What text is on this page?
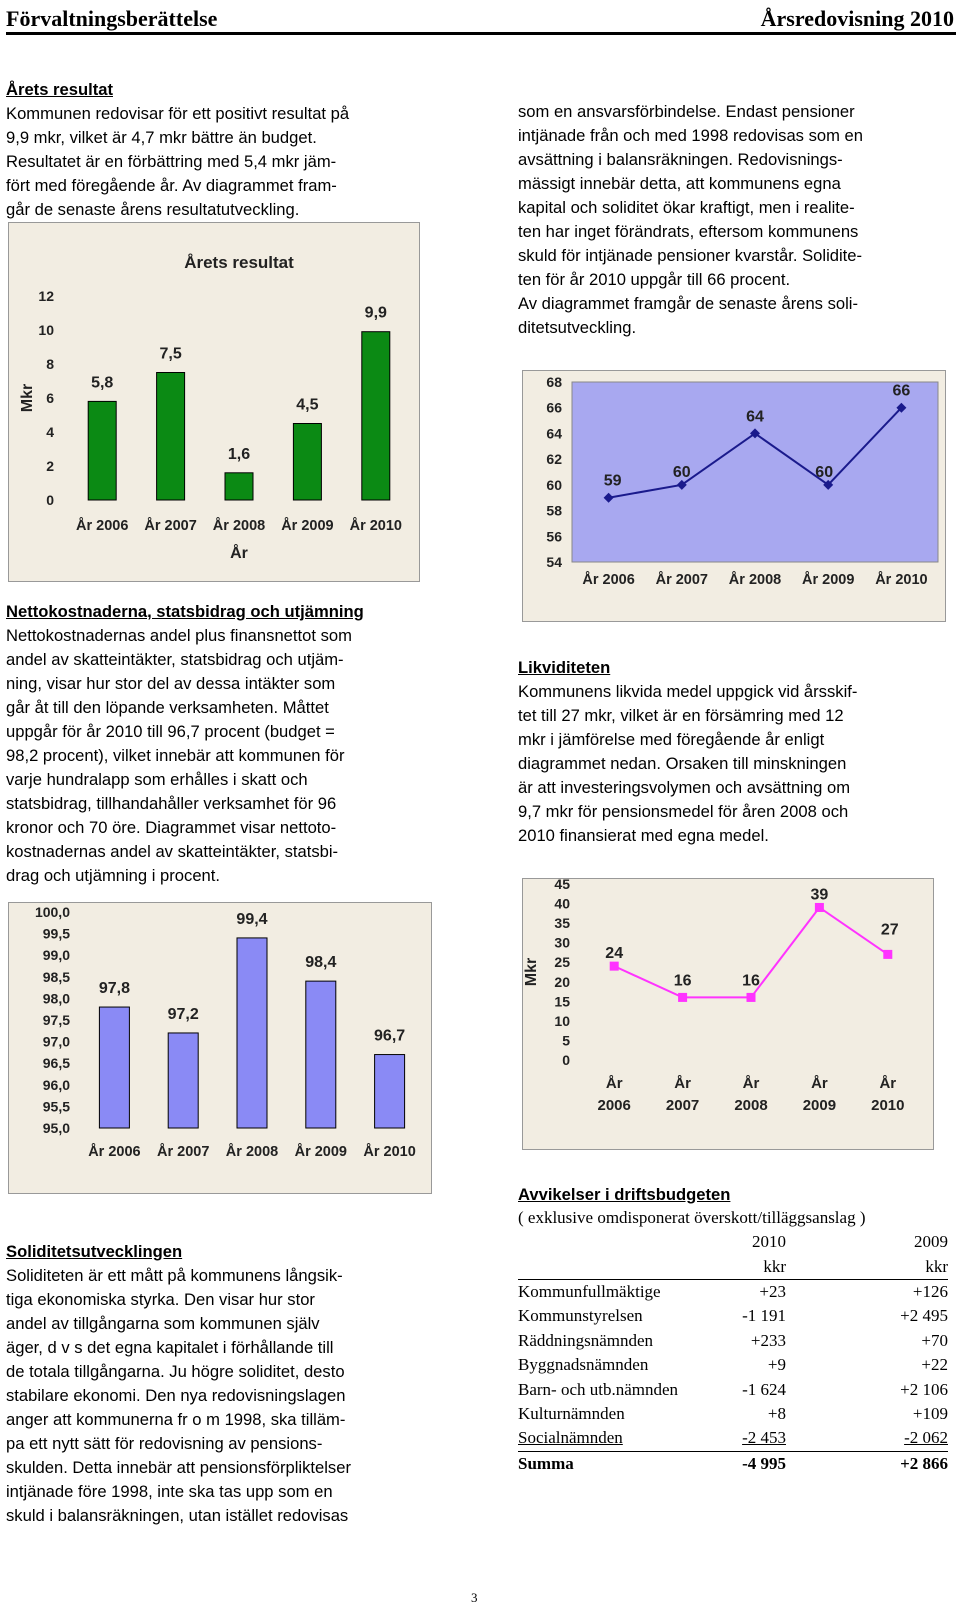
Förvaltningsberättelse	Årsredovisning 2010

Årets resultat

Kommunen redovisar för ett positivt resultat på

9,9 mkr, vilket är 4,7 mkr bättre än budget.

Resultatet är en förbättring med 5,4 mkr jäm-

fört med föregående år. Av diagrammet fram-

går de senaste årens resultatutveckling.

Årets resultat
Mkr
År
0
2
4
6
8
10
12
5,8
År 2006
7,5
År 2007
1,6
År 2008
4,5
År 2009
9,9
År 2010

Nettokostnaderna, statsbidrag och utjämning

Nettokostnadernas andel plus finansnettot som

andel av skatteintäkter, statsbidrag och utjäm-

ning, visar hur stor del av dessa intäkter som

går åt till den löpande verksamheten. Måttet

uppgår för år 2010 till 96,7 procent (budget =

98,2 procent), vilket innebär att kommunen för

varje hundralapp som erhålles i skatt och

statsbidrag, tillhandahåller verksamhet för 96

kronor och 70 öre. Diagrammet visar nettoto-

kostnadernas andel av skatteintäkter, statsbi-

drag och utjämning i procent.

95,0
95,5
96,0
96,5
97,0
97,5
98,0
98,5
99,0
99,5
100,0
97,8
År 2006
97,2
År 2007
99,4
År 2008
98,4
År 2009
96,7
År 2010

Soliditetsutvecklingen

Soliditeten är ett mått på kommunens långsik-

tiga ekonomiska styrka. Den visar hur stor

andel av tillgångarna som kommunen själv

äger, d v s det egna kapitalet i förhållande till

de totala tillgångarna. Ju högre soliditet, desto

stabilare ekonomi. Den nya redovisningslagen

anger att kommunerna fr o m 1998, ska tilläm-

pa ett nytt sätt för redovisning av pensions-

skulden. Detta innebär att pensionsförpliktelser

intjänade före 1998, inte ska tas upp som en

skuld i balansräkningen, utan istället redovisas

som en ansvarsförbindelse. Endast pensioner

intjänade från och med 1998 redovisas som en

avsättning i balansräkningen. Redovisnings-

mässigt innebär detta, att kommunens egna

kapital och soliditet ökar kraftigt, men i realite-

ten har inget förändrats, eftersom kommunens

skuld för intjänade pensioner kvarstår. Solidite-

ten för år 2010 uppgår till 66 procent.

Av diagrammet framgår de senaste årens soli-

ditetsutveckling.

54
56
58
60
62
64
66
68
59
År 2006
60
År 2007
64
År 2008
60
År 2009
66
År 2010

Likviditeten

Kommunens likvida medel uppgick vid årsskif-

tet till 27 mkr, vilket är en försämring med 12

mkr i jämförelse med föregående år enligt

diagrammet nedan. Orsaken till minskningen

är att investeringsvolymen och avsättning om

9,7 mkr för pensionsmedel för åren 2008 och

2010 finansierat med egna medel.

Mkr
0
5
10
15
20
25
30
35
40
45
24
År
2006
16
År
2007
16
År
2008
39
År
2009
27
År
2010

Avvikelser i driftsbudgeten

( exklusive omdisponerat överskott/tilläggsanslag )
	2010	2009
	kkr	kkr
Kommunfullmäktige	+23	+126
Kommunstyrelsen	-1 191	+2 495
Räddningsnämnden	+233	+70
Byggnadsnämnden	+9	+22
Barn- och utb.nämnden	-1 624	+2 106
Kulturnämnden	+8	+109
Socialnämnden	-2 453	-2 062
Summa	-4 995	+2 866
3
